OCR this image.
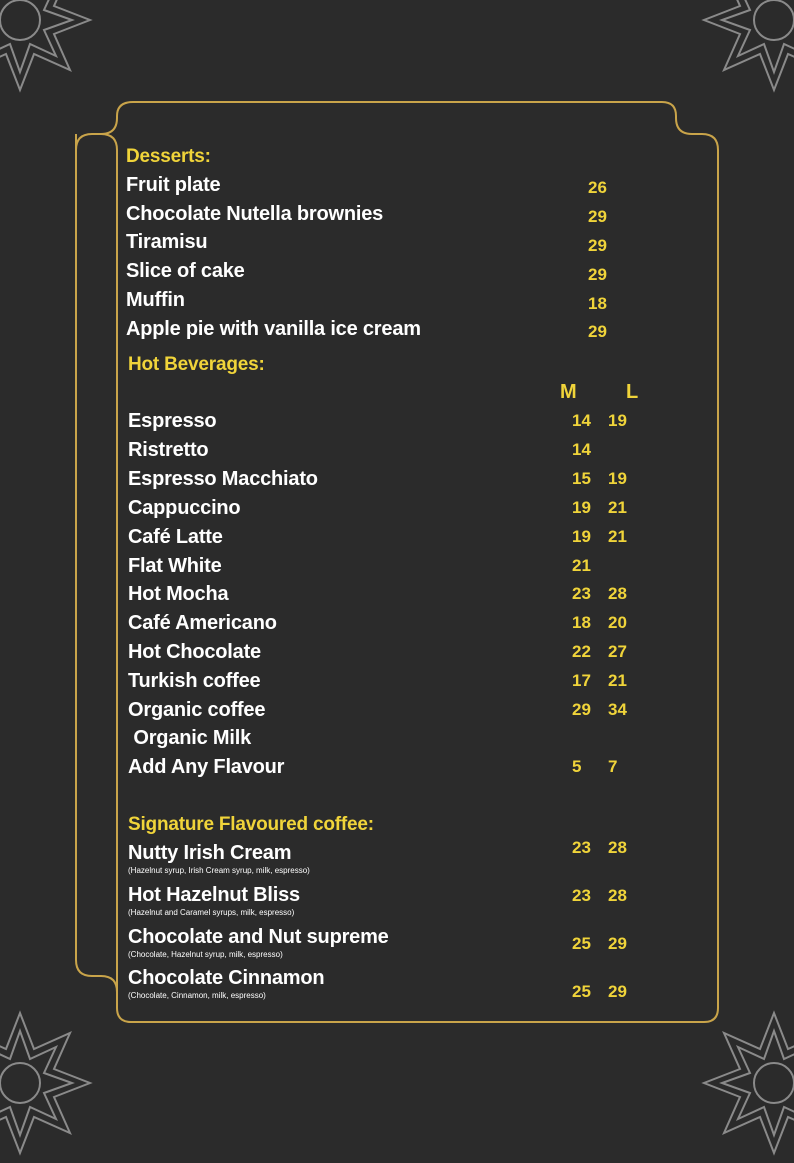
Desserts:
Fruit plate	26
Chocolate Nutella brownies	29
Tiramisu	29
Slice of cake	29
Muffin	18
Apple pie with vanilla ice cream	29
Hot Beverages:
M L
Espresso	14 19
Ristretto	14
Espresso Macchiato	15 19
Cappuccino	19 21
Café Latte	19 21
Flat White	21
Hot Mocha	23 28
Café Americano	18 20
Hot Chocolate	22 27
Turkish coffee	17 21
Organic coffee	29 34
Organic Milk
Add Any Flavour	5 7
Signature Flavoured coffee:
Nutty Irish Cream
(Hazelnut syrup, Irish Cream syrup, milk, espresso)
23 28
Hot Hazelnut Bliss
(Hazelnut and Caramel syrups, milk, espresso)
23 28
Chocolate and Nut supreme
(Chocolate, Hazelnut syrup, milk, espresso)
25 29
Chocolate Cinnamon
(Chocolate, Cinnamon, milk, espresso)	25 29
